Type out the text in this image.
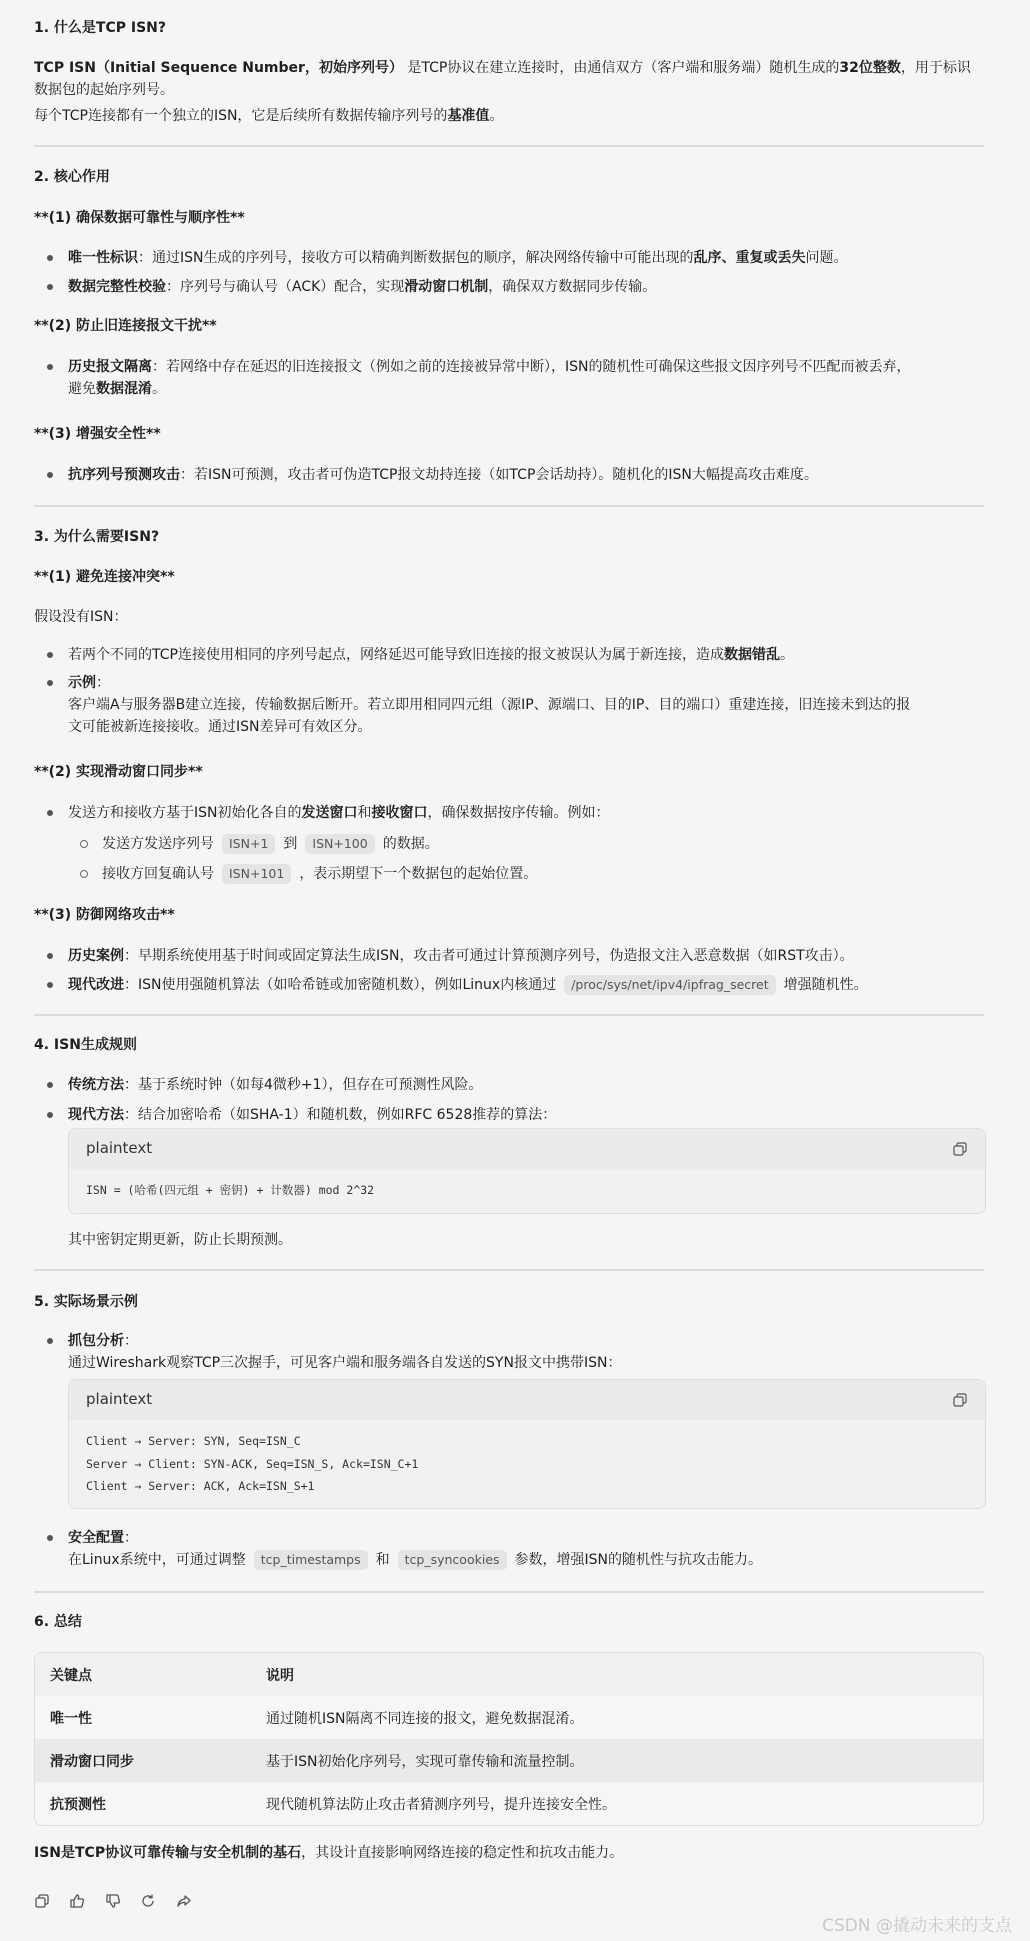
1. 什么是TCP ISN?
TCP ISN（Initial Sequence Number，初始序列号） 是TCP协议在建立连接时，由通信双方（客户端和服务端）随机生成的32位整数，用于标识
数据包的起始序列号。
每个TCP连接都有一个独立的ISN，它是后续所有数据传输序列号的基准值。
2. 核心作用
**(1) 确保数据可靠性与顺序性**
唯一性标识：通过ISN生成的序列号，接收方可以精确判断数据包的顺序，解决网络传输中可能出现的乱序、重复或丢失问题。
数据完整性校验：序列号与确认号（ACK）配合，实现滑动窗口机制，确保双方数据同步传输。
**(2) 防止旧连接报文干扰**
历史报文隔离：若网络中存在延迟的旧连接报文（例如之前的连接被异常中断），ISN的随机性可确保这些报文因序列号不匹配而被丢弃，
避免数据混淆。
**(3) 增强安全性**
抗序列号预测攻击：若ISN可预测，攻击者可伪造TCP报文劫持连接（如TCP会话劫持）。随机化的ISN大幅提高攻击难度。
3. 为什么需要ISN?
**(1) 避免连接冲突**
假设没有ISN：
若两个不同的TCP连接使用相同的序列号起点，网络延迟可能导致旧连接的报文被误认为属于新连接，造成数据错乱。
示例：
客户端A与服务器B建立连接，传输数据后断开。若立即用相同四元组（源IP、源端口、目的IP、目的端口）重建连接，旧连接未到达的报
文可能被新连接接收。通过ISN差异可有效区分。
**(2) 实现滑动窗口同步**
发送方和接收方基于ISN初始化各自的发送窗口和接收窗口，确保数据按序传输。例如：
发送方发送序列号 ISN+1 到 ISN+100 的数据。
接收方回复确认号 ISN+101 ，表示期望下一个数据包的起始位置。
**(3) 防御网络攻击**
历史案例：早期系统使用基于时间或固定算法生成ISN，攻击者可通过计算预测序列号，伪造报文注入恶意数据（如RST攻击）。
现代改进：ISN使用强随机算法（如哈希链或加密随机数），例如Linux内核通过 /proc/sys/net/ipv4/ipfrag_secret 增强随机性。
4. ISN生成规则
传统方法：基于系统时钟（如每4微秒+1），但存在可预测性风险。
现代方法：结合加密哈希（如SHA-1）和随机数，例如RFC 6528推荐的算法：
plaintext
ISN = (哈希(四元组 + 密钥) + 计数器) mod 2^32
其中密钥定期更新，防止长期预测。
5. 实际场景示例
抓包分析：
通过Wireshark观察TCP三次握手，可见客户端和服务端各自发送的SYN报文中携带ISN：
plaintext
Client → Server: SYN, Seq=ISN_C
Server → Client: SYN-ACK, Seq=ISN_S, Ack=ISN_C+1
Client → Server: ACK, Ack=ISN_S+1
安全配置：
在Linux系统中，可通过调整 tcp_timestamps 和 tcp_syncookies 参数，增强ISN的随机性与抗攻击能力。
6. 总结
关键点	说明
唯一性	通过随机ISN隔离不同连接的报文，避免数据混淆。
滑动窗口同步	基于ISN初始化序列号，实现可靠传输和流量控制。
抗预测性	现代随机算法防止攻击者猜测序列号，提升连接安全性。
ISN是TCP协议可靠传输与安全机制的基石，其设计直接影响网络连接的稳定性和抗攻击能力。

CSDN @撬动未来的支点
